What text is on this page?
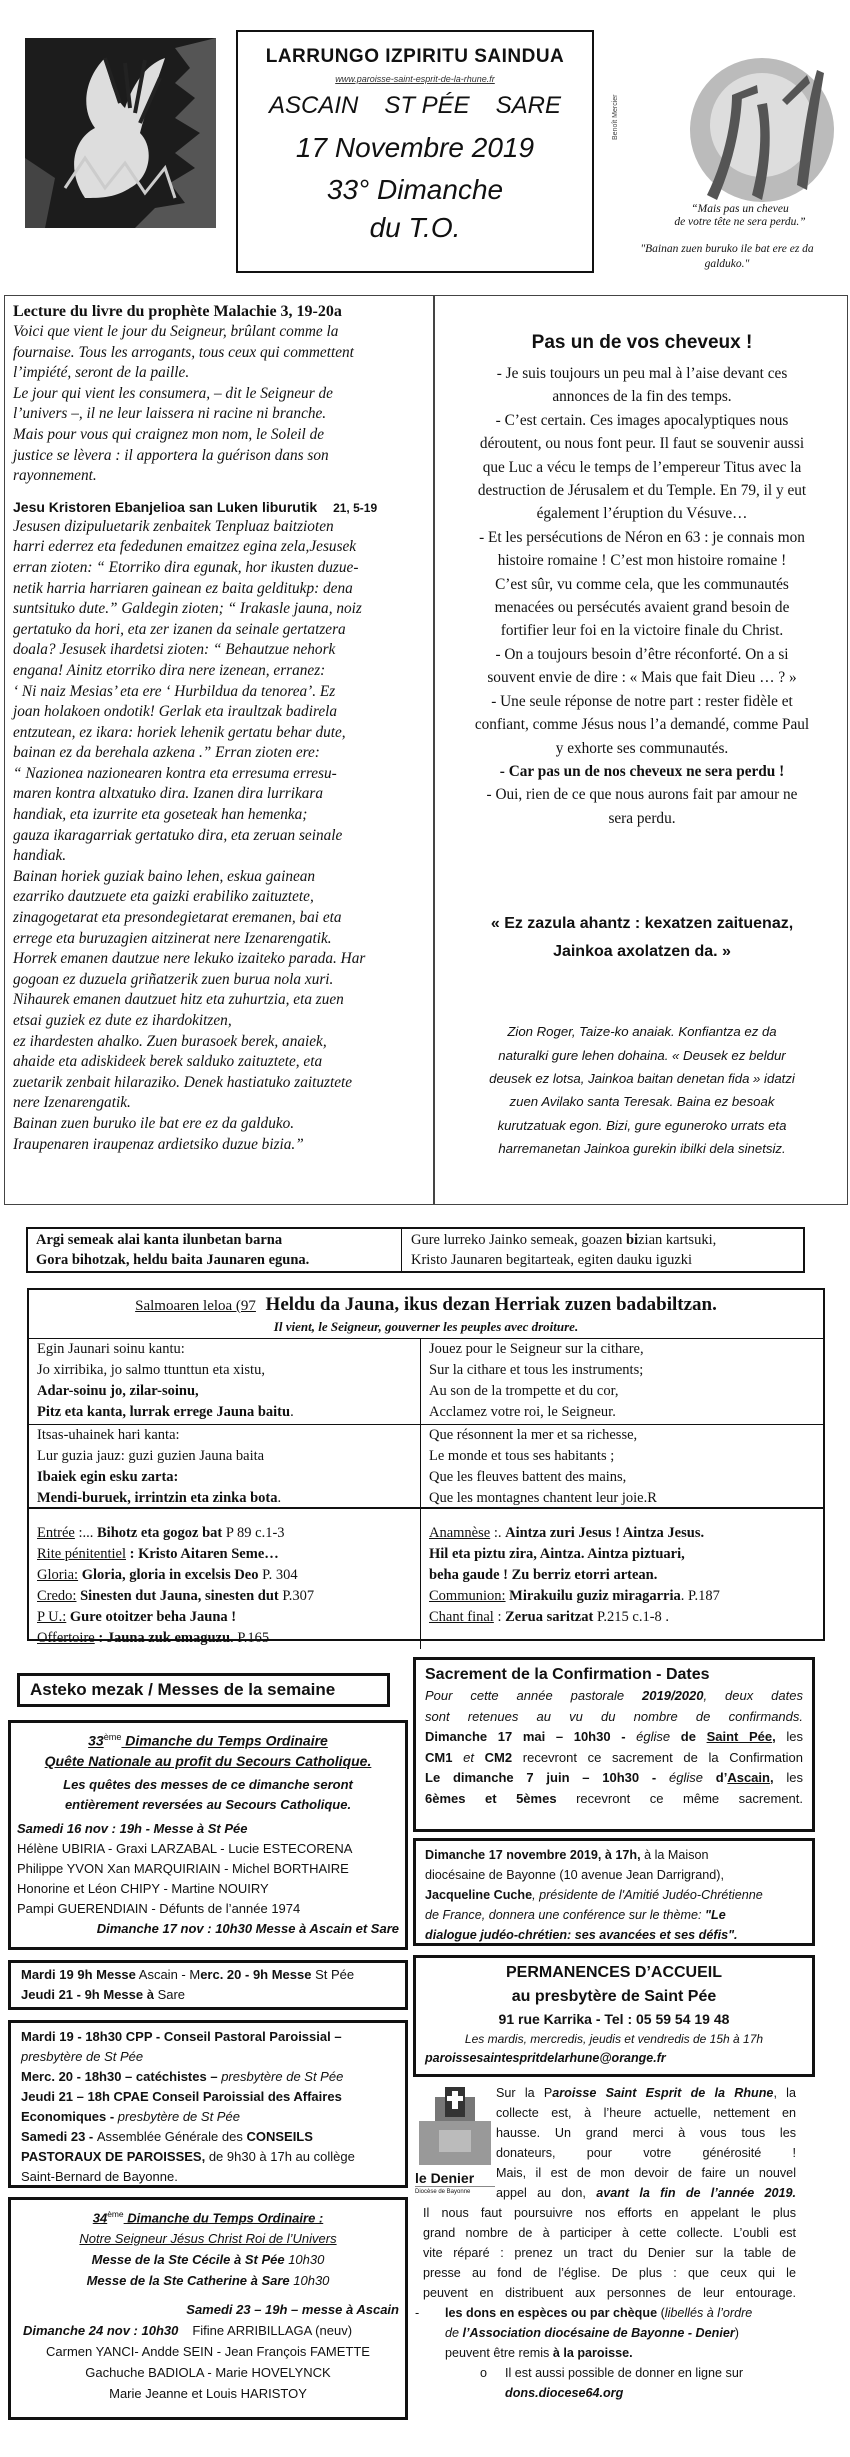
LARRUNGO IZPIRITU SAINDUA
www.paroisse-saint-esprit-de-la-rhune.fr
ASCAIN ST PÉE SARE
17 Novembre 2019
33° Dimanche
du T.O.
Benoît Mercier
“Mais pas un cheveu
de votre tête ne sera perdu.”
"Bainan zuen buruko ile bat ere ez da galduko."
Lecture du livre du prophète Malachie 3, 19-20a
Voici que vient le jour du Seigneur, brûlant comme la
fournaise. Tous les arrogants, tous ceux qui commettent
l’impiété, seront de la paille.
Le jour qui vient les consumera, – dit le Seigneur de
l’univers –, il ne leur laissera ni racine ni branche.
Mais pour vous qui craignez mon nom, le Soleil de
justice se lèvera : il apportera la guérison dans son
rayonnement.
Jesu Kristoren Ebanjelioa san Luken liburutik 21, 5-19
Jesusen dizipuluetarik zenbaitek Tenpluaz baitzioten
harri ederrez eta fededunen emaitzez egina zela,Jesusek
erran zioten: “ Etorriko dira egunak, hor ikusten duzue-
netik harria harriaren gainean ez baita gelditukp: dena
suntsituko dute.” Galdegin zioten; “ Irakasle jauna, noiz
gertatuko da hori, eta zer izanen da seinale gertatzera
doala? Jesusek ihardetsi zioten: “ Behautzue nehork
engana! Ainitz etorriko dira nere izenean, erranez:
‘ Ni naiz Mesias’ eta ere ‘ Hurbildua da tenorea’. Ez
joan holakoen ondotik! Gerlak eta iraultzak badirela
entzutean, ez ikara: horiek lehenik gertatu behar dute,
bainan ez da berehala azkena .” Erran zioten ere:
“ Nazionea nazionearen kontra eta erresuma erresu-
maren kontra altxatuko dira. Izanen dira lurrikara
handiak, eta izurrite eta goseteak han hemenka;
gauza ikaragarriak gertatuko dira, eta zeruan seinale
handiak.
Bainan horiek guziak baino lehen, eskua gainean
ezarriko dautzuete eta gaizki erabiliko zaituztete,
zinagogetarat eta presondegietarat eremanen, bai eta
errege eta buruzagien aitzinerat nere Izenarengatik.
Horrek emanen dautzue nere lekuko izaiteko parada. Har
gogoan ez duzuela griñatzerik zuen burua nola xuri.
Nihaurek emanen dautzuet hitz eta zuhurtzia, eta zuen
etsai guziek ez dute ez ihardokitzen,
ez ihardesten ahalko. Zuen burasoek berek, anaiek,
ahaide eta adiskideek berek salduko zaituztete, eta
zuetarik zenbait hilaraziko. Denek hastiatuko zaituztete
nere Izenarengatik.
Bainan zuen buruko ile bat ere ez da galduko.
Iraupenaren iraupenaz ardietsiko duzue bizia.”
Pas un de vos cheveux !
- Je suis toujours un peu mal à l’aise devant ces
annonces de la fin des temps.
- C’est certain. Ces images apocalyptiques nous
déroutent, ou nous font peur. Il faut se souvenir aussi
que Luc a vécu le temps de l’empereur Titus avec la
destruction de Jérusalem et du Temple. En 79, il y eut
également l’éruption du Vésuve…
- Et les persécutions de Néron en 63 : je connais mon
histoire romaine ! C’est mon histoire romaine !
C’est sûr, vu comme cela, que les communautés
menacées ou persécutés avaient grand besoin de
fortifier leur foi en la victoire finale du Christ.
- On a toujours besoin d’être réconforté. On a si
souvent envie de dire : « Mais que fait Dieu … ? »
- Une seule réponse de notre part : rester fidèle et
confiant, comme Jésus nous l’a demandé, comme Paul
y exhorte ses communautés.
- Car pas un de nos cheveux ne sera perdu !
- Oui, rien de ce que nous aurons fait par amour ne
sera perdu.
« Ez zazula ahantz : kexatzen zaituenaz,
Jainkoa axolatzen da. »
Zion Roger, Taize-ko anaiak. Konfiantza ez da
naturalki gure lehen dohaina. « Deusek ez beldur
deusek ez lotsa, Jainkoa baitan denetan fida » idatzi
zuen Avilako santa Teresak. Baina ez besoak
kurutzatuak egon. Bizi, gure eguneroko urrats eta
harremanetan Jainkoa gurekin ibilki dela sinetsiz.
Argi semeak alai kanta ilunbetan barna
Gora bihotzak, heldu baita Jaunaren eguna.
Gure lurreko Jainko semeak, goazen bizian kartsuki,
Kristo Jaunaren begitarteak, egiten dauku iguzki
Salmoaren leloa (97 Heldu da Jauna, ikus dezan Herriak zuzen badabiltzan.
Il vient, le Seigneur, gouverner les peuples avec droiture.
Egin Jaunari soinu kantu:
Jo xirribika, jo salmo ttunttun eta xistu,
Adar-soinu jo, zilar-soinu,
Pitz eta kanta, lurrak errege Jauna baitu.
Jouez pour le Seigneur sur la cithare,
Sur la cithare et tous les instruments;
Au son de la trompette et du cor,
Acclamez votre roi, le Seigneur.
Itsas-uhainek hari kanta:
Lur guzia jauz: guzi guzien Jauna baita
Ibaiek egin esku zarta:
Mendi-buruek, irrintzin eta zinka bota.
Que résonnent la mer et sa richesse,
Le monde et tous ses habitants ;
Que les fleuves battent des mains,
Que les montagnes chantent leur joie.R
Entrée :... Bihotz eta gogoz bat P 89 c.1-3
Rite pénitentiel : Kristo Aitaren Seme…
Gloria: Gloria, gloria in excelsis Deo P. 304
Credo: Sinesten dut Jauna, sinesten dut P.307
P U.: Gure otoitzer beha Jauna !
Offertoire : Jauna zuk emaguzu. P.165
Anamnèse :. Aintza zuri Jesus ! Aintza Jesus.
Hil eta piztu zira, Aintza. Aintza piztuari,
beha gaude ! Zu berriz etorri artean.
Communion: Mirakuilu guziz miragarria. P.187
Chant final : Zerua saritzat P.215 c.1-8 .
Asteko mezak / Messes de la semaine
33ème Dimanche du Temps Ordinaire
Quête Nationale au profit du Secours Catholique.
Les quêtes des messes de ce dimanche seront
entièrement reversées au Secours Catholique.
Samedi 16 nov : 19h - Messe à St Pée
Hélène UBIRIA - Graxi LARZABAL - Lucie ESTECORENA
Philippe YVON Xan MARQUIRIAIN - Michel BORTHAIRE
Honorine et Léon CHIPY - Martine NOUIRY
Pampi GUERENDIAIN - Défunts de l’année 1974
Dimanche 17 nov : 10h30 Messe à Ascain et Sare
Mardi 19 9h Messe Ascain - Merc. 20 - 9h Messe St Pée
Jeudi 21 - 9h Messe à Sare
Mardi 19 - 18h30 CPP - Conseil Pastoral Paroissial –
presbytère de St Pée
Merc. 20 - 18h30 – catéchistes – presbytère de St Pée
Jeudi 21 – 18h CPAE Conseil Paroissial des Affaires
Economiques - presbytère de St Pée
Samedi 23 - Assemblée Générale des CONSEILS
PASTORAUX DE PAROISSES, de 9h30 à 17h au collège
Saint-Bernard de Bayonne.
34ème Dimanche du Temps Ordinaire :
Notre Seigneur Jésus Christ Roi de l’Univers
Messe de la Ste Cécile à St Pée 10h30
Messe de la Ste Catherine à Sare 10h30
Samedi 23 – 19h – messe à Ascain
Dimanche 24 nov : 10h30 Fifine ARRIBILLAGA (neuv)
Carmen YANCI- Andde SEIN - Jean François FAMETTE
Gachuche BADIOLA - Marie HOVELYNCK
Marie Jeanne et Louis HARISTOY
Sacrement de la Confirmation - Dates
Pour cette année pastorale 2019/2020, deux dates
sont retenues au vu du nombre de confirmands.
Dimanche 17 mai – 10h30 - église de Saint Pée, les
CM1 et CM2 recevront ce sacrement de la Confirmation
Le dimanche 7 juin – 10h30 - église d’Ascain, les
6èmes et 5èmes recevront ce même sacrement.
Dimanche 17 novembre 2019, à 17h, à la Maison
diocésaine de Bayonne (10 avenue Jean Darrigrand),
Jacqueline Cuche, présidente de l'Amitié Judéo-Chrétienne
de France, donnera une conférence sur le thème: "Le
dialogue judéo-chrétien: ses avancées et ses défis".
PERMANENCES D’ACCUEIL
au presbytère de Saint Pée
91 rue Karrika - Tel : 05 59 54 19 48
Les mardis, mercredis, jeudis et vendredis de 15h à 17h
paroissesaintespritdelarhune@orange.fr
le Denier
Diocèse de Bayonne
Sur la Paroisse Saint Esprit de la Rhune, la
collecte est, à l’heure actuelle, nettement en
hausse. Un grand merci à vous tous les
donateurs, pour votre générosité !
Mais, il est de mon devoir de faire un nouvel
appel au don, avant la fin de l’année 2019.
Il nous faut poursuivre nos efforts en appelant le plus
grand nombre de à participer à cette collecte. L’oubli est
vite réparé : prenez un tract du Denier sur la table de
presse au fond de l’église. De plus : que ceux qui le
peuvent en distribuent aux personnes de leur entourage.
- les dons en espèces ou par chèque (libellés à l’ordre
de l’Association diocésaine de Bayonne - Denier)
peuvent être remis à la paroisse.
o Il est aussi possible de donner en ligne sur
dons.diocese64.org
